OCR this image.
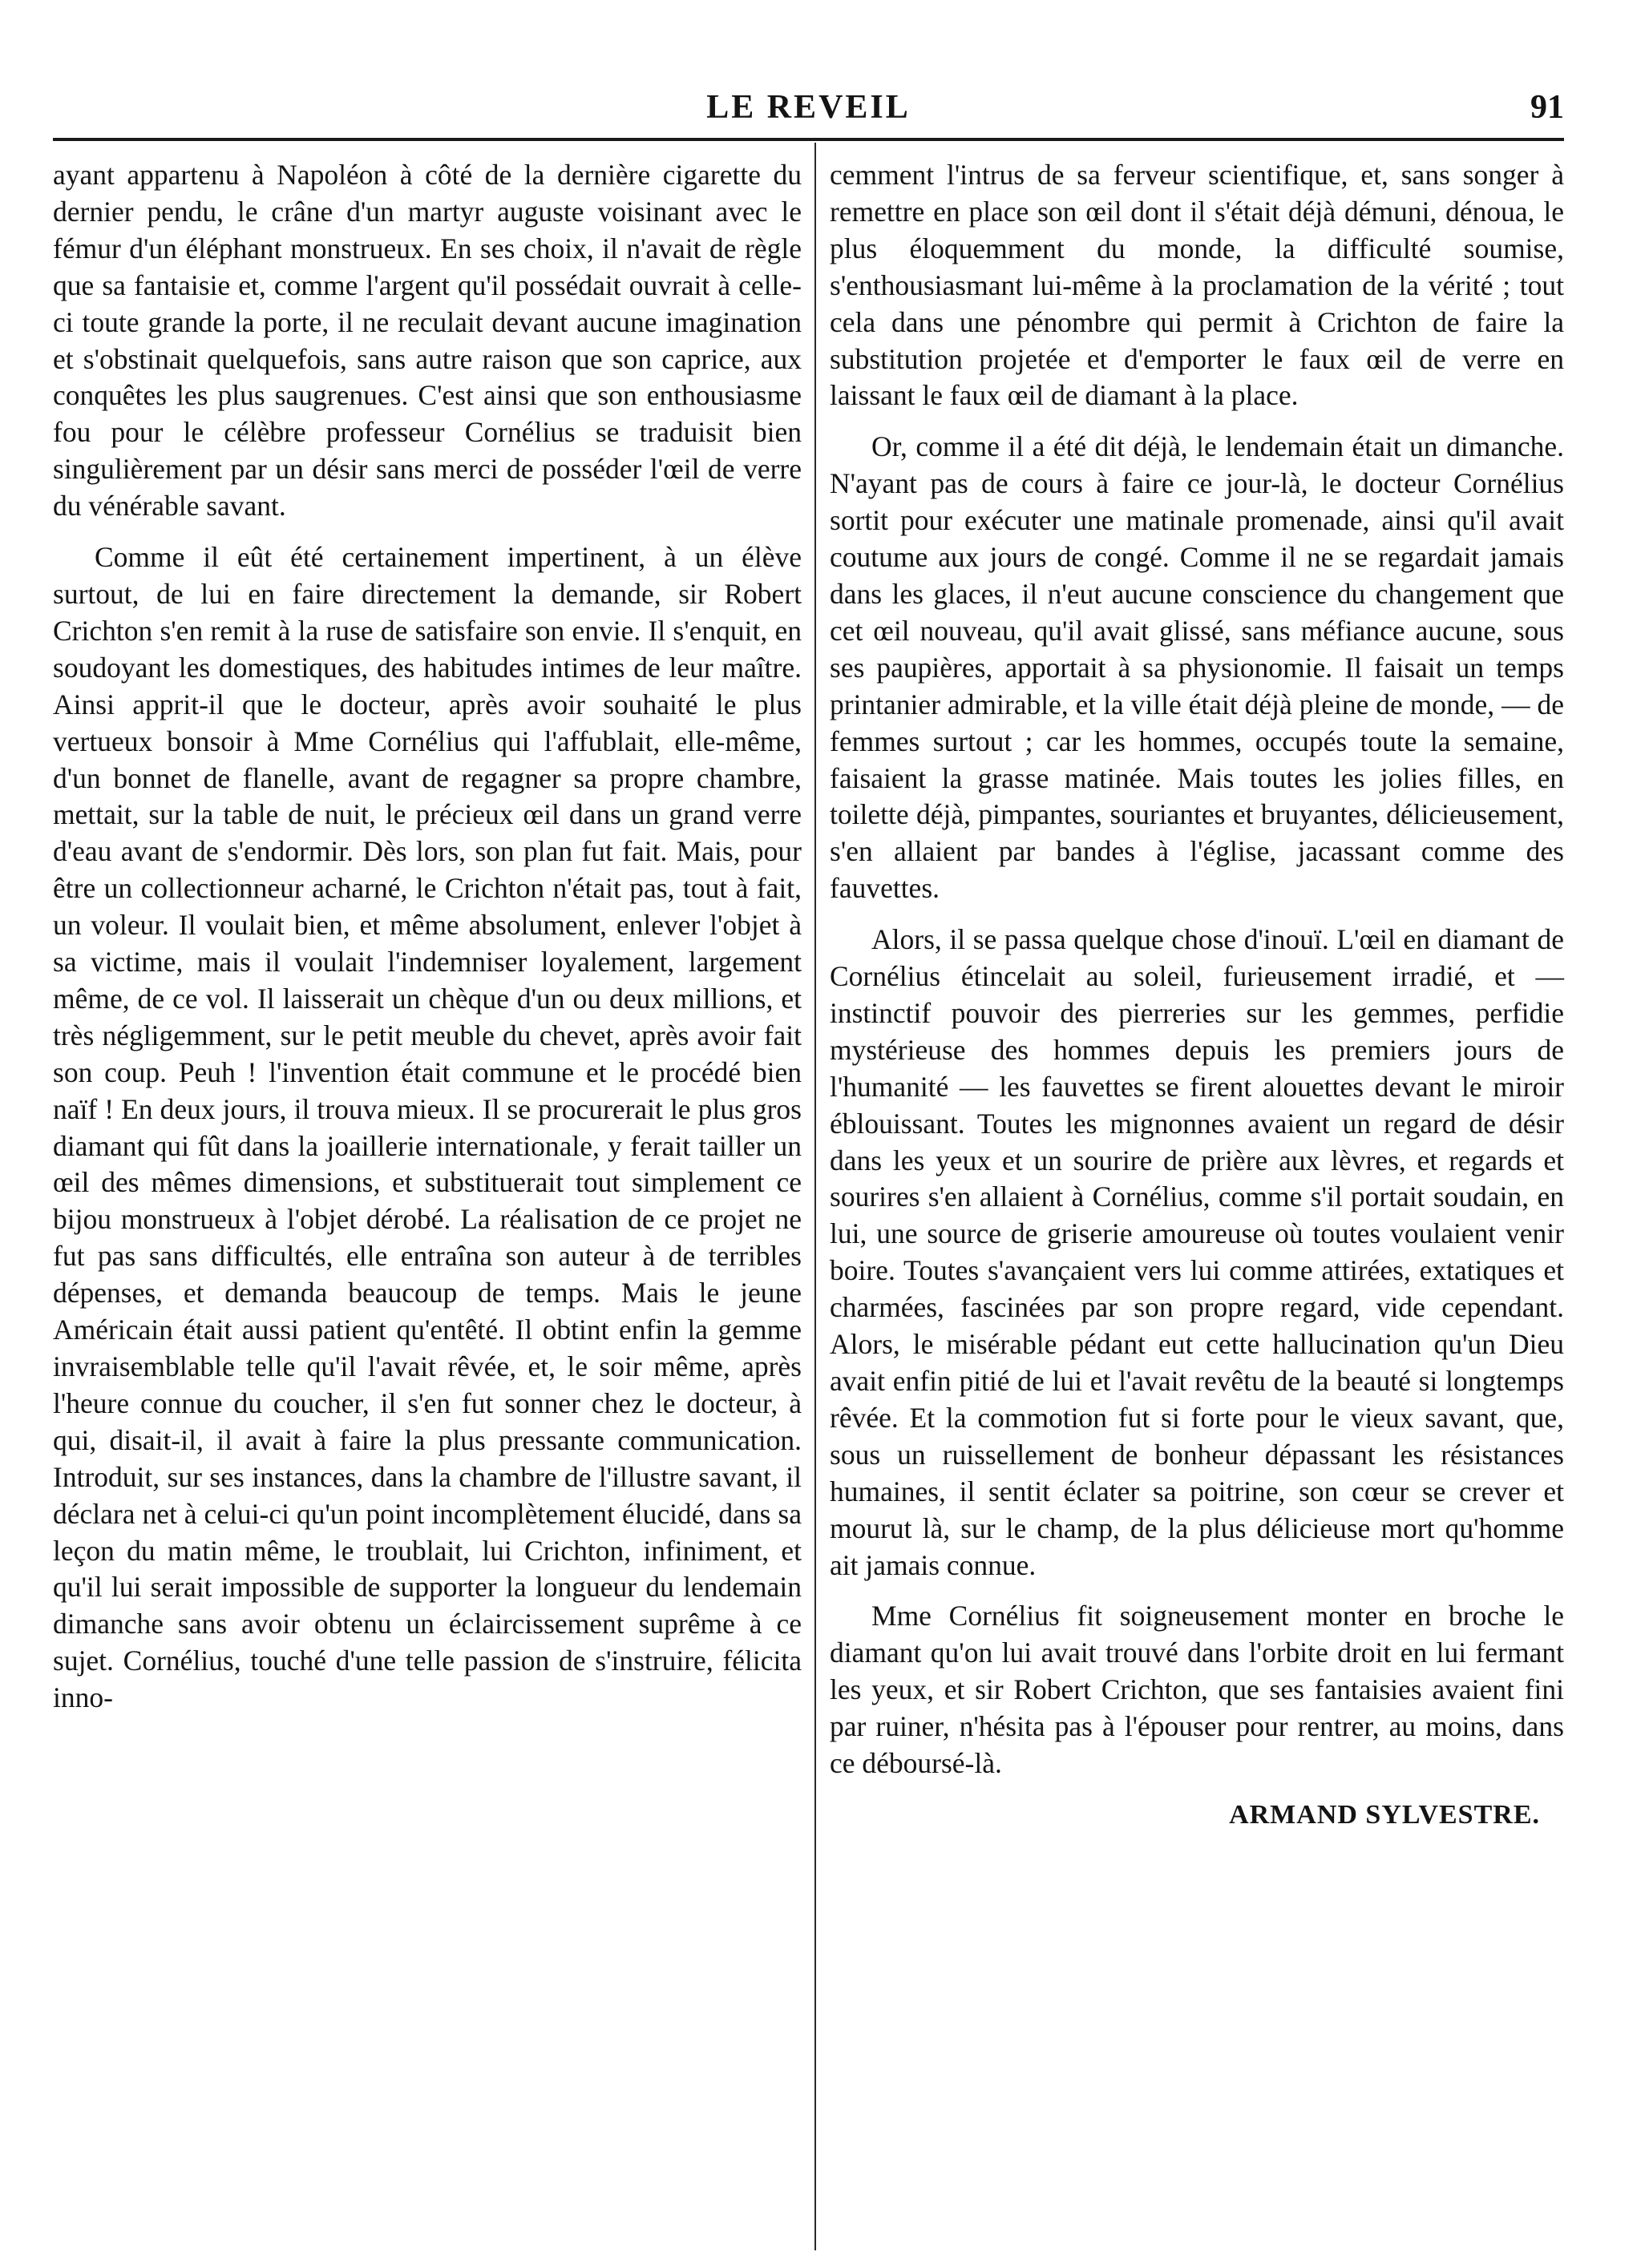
LE REVEIL	91

ayant appartenu à Napoléon à côté de la dernière cigarette du dernier pendu, le crâne d'un martyr auguste voisinant avec le fémur d'un éléphant monstrueux. En ses choix, il n'avait de règle que sa fantaisie et, comme l'argent qu'il possédait ouvrait à celle-ci toute grande la porte, il ne reculait devant aucune imagination et s'obstinait quelquefois, sans autre raison que son caprice, aux conquêtes les plus saugrenues. C'est ainsi que son enthousiasme fou pour le célèbre professeur Cornélius se traduisit bien singulièrement par un désir sans merci de posséder l'œil de verre du vénérable savant.

Comme il eût été certainement impertinent, à un élève surtout, de lui en faire directement la demande, sir Robert Crichton s'en remit à la ruse de satisfaire son envie. Il s'enquit, en soudoyant les domestiques, des habitudes intimes de leur maître. Ainsi apprit-il que le docteur, après avoir souhaité le plus vertueux bonsoir à Mme Cornélius qui l'affublait, elle-même, d'un bonnet de flanelle, avant de regagner sa propre chambre, mettait, sur la table de nuit, le précieux œil dans un grand verre d'eau avant de s'endormir. Dès lors, son plan fut fait. Mais, pour être un collectionneur acharné, le Crichton n'était pas, tout à fait, un voleur. Il voulait bien, et même absolument, enlever l'objet à sa victime, mais il voulait l'indemniser loyalement, largement même, de ce vol. Il laisserait un chèque d'un ou deux millions, et très négligemment, sur le petit meuble du chevet, après avoir fait son coup. Peuh ! l'invention était commune et le procédé bien naïf ! En deux jours, il trouva mieux. Il se procurerait le plus gros diamant qui fût dans la joaillerie internationale, y ferait tailler un œil des mêmes dimensions, et substituerait tout simplement ce bijou monstrueux à l'objet dérobé. La réalisation de ce projet ne fut pas sans difficultés, elle entraîna son auteur à de terribles dépenses, et demanda beaucoup de temps. Mais le jeune Américain était aussi patient qu'entêté. Il obtint enfin la gemme invraisemblable telle qu'il l'avait rêvée, et, le soir même, après l'heure connue du coucher, il s'en fut sonner chez le docteur, à qui, disait-il, il avait à faire la plus pressante communication. Introduit, sur ses instances, dans la chambre de l'illustre savant, il déclara net à celui-ci qu'un point incomplètement élucidé, dans sa leçon du matin même, le troublait, lui Crichton, infiniment, et qu'il lui serait impossible de supporter la longueur du lendemain dimanche sans avoir obtenu un éclaircissement suprême à ce sujet. Cornélius, touché d'une telle passion de s'instruire, félicita inno-

cemment l'intrus de sa ferveur scientifique, et, sans songer à remettre en place son œil dont il s'était déjà démuni, dénoua, le plus éloquemment du monde, la difficulté soumise, s'enthousiasmant lui-même à la proclamation de la vérité ; tout cela dans une pénombre qui permit à Crichton de faire la substitution projetée et d'emporter le faux œil de verre en laissant le faux œil de diamant à la place.

Or, comme il a été dit déjà, le lendemain était un dimanche. N'ayant pas de cours à faire ce jour-là, le docteur Cornélius sortit pour exécuter une matinale promenade, ainsi qu'il avait coutume aux jours de congé. Comme il ne se regardait jamais dans les glaces, il n'eut aucune conscience du changement que cet œil nouveau, qu'il avait glissé, sans méfiance aucune, sous ses paupières, apportait à sa physionomie. Il faisait un temps printanier admirable, et la ville était déjà pleine de monde, — de femmes surtout ; car les hommes, occupés toute la semaine, faisaient la grasse matinée. Mais toutes les jolies filles, en toilette déjà, pimpantes, souriantes et bruyantes, délicieusement, s'en allaient par bandes à l'église, jacassant comme des fauvettes.

Alors, il se passa quelque chose d'inouï. L'œil en diamant de Cornélius étincelait au soleil, furieusement irradié, et — instinctif pouvoir des pierreries sur les gemmes, perfidie mystérieuse des hommes depuis les premiers jours de l'humanité — les fauvettes se firent alouettes devant le miroir éblouissant. Toutes les mignonnes avaient un regard de désir dans les yeux et un sourire de prière aux lèvres, et regards et sourires s'en allaient à Cornélius, comme s'il portait soudain, en lui, une source de griserie amoureuse où toutes voulaient venir boire. Toutes s'avançaient vers lui comme attirées, extatiques et charmées, fascinées par son propre regard, vide cependant. Alors, le misérable pédant eut cette hallucination qu'un Dieu avait enfin pitié de lui et l'avait revêtu de la beauté si longtemps rêvée. Et la commotion fut si forte pour le vieux savant, que, sous un ruissellement de bonheur dépassant les résistances humaines, il sentit éclater sa poitrine, son cœur se crever et mourut là, sur le champ, de la plus délicieuse mort qu'homme ait jamais connue.

Mme Cornélius fit soigneusement monter en broche le diamant qu'on lui avait trouvé dans l'orbite droit en lui fermant les yeux, et sir Robert Crichton, que ses fantaisies avaient fini par ruiner, n'hésita pas à l'épouser pour rentrer, au moins, dans ce déboursé-là.

ARMAND SYLVESTRE.
